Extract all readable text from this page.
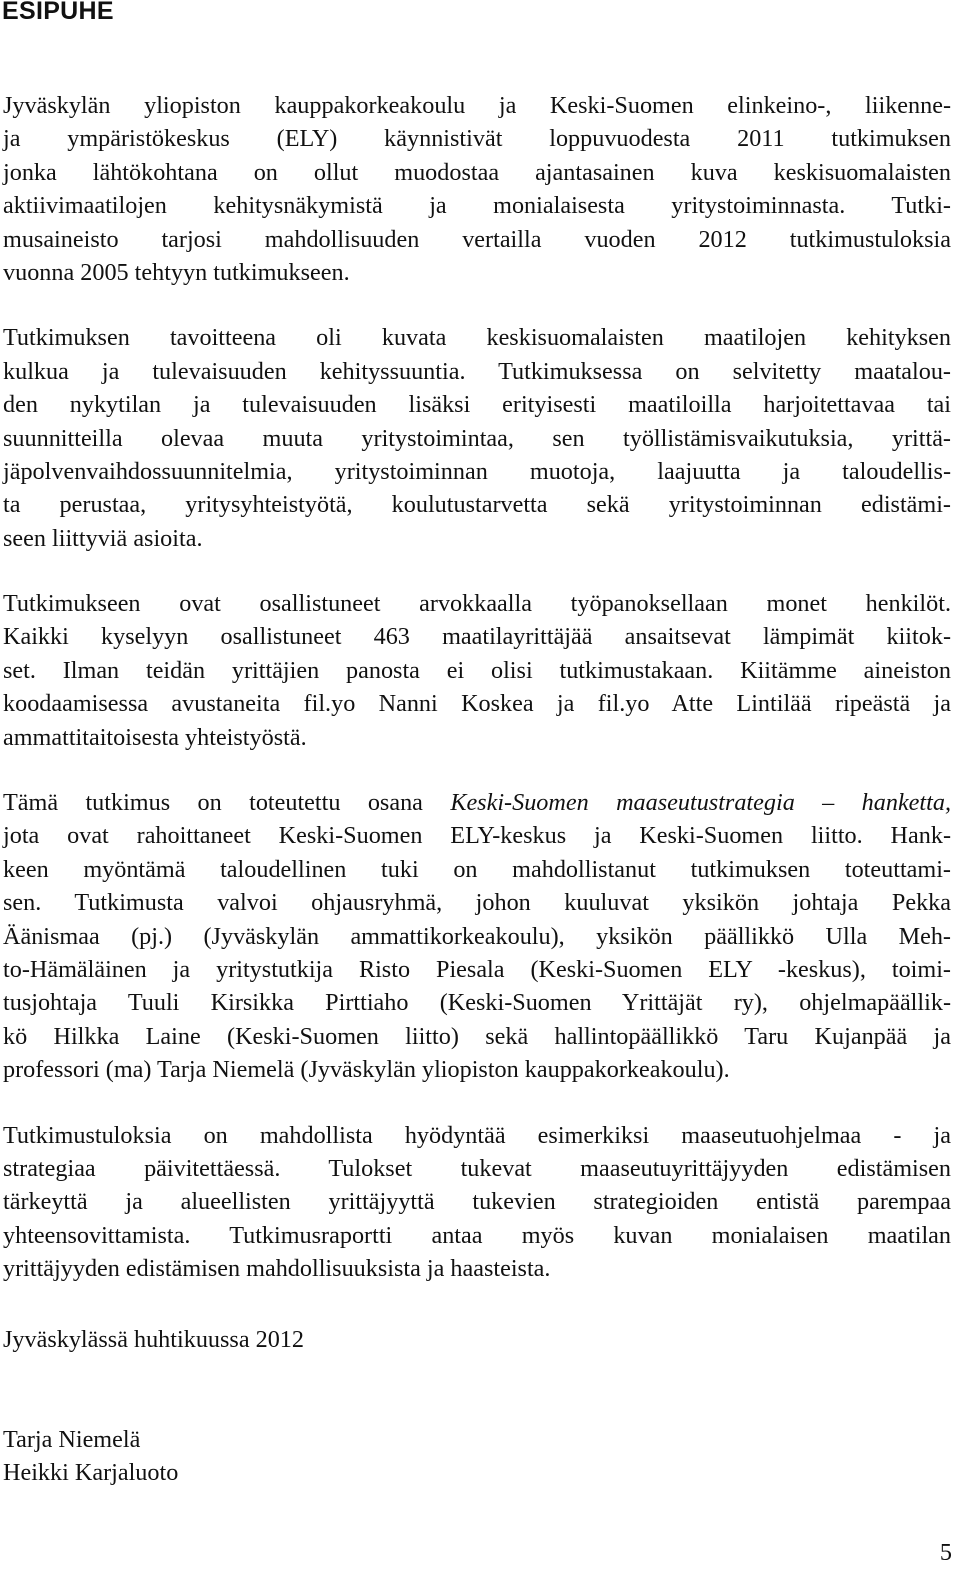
ESIPUHE

Jyväskylän yliopiston kauppakorkeakoulu ja Keski-Suomen elinkeino-, liikenne-
ja ympäristökeskus (ELY) käynnistivät loppuvuodesta 2011 tutkimuksen
jonka lähtökohtana on ollut muodostaa ajantasainen kuva keskisuomalaisten
aktiivimaatilojen kehitysnäkymistä ja monialaisesta yritystoiminnasta. Tutki-
musaineisto tarjosi mahdollisuuden vertailla vuoden 2012 tutkimustuloksia
vuonna 2005 tehtyyn tutkimukseen.

Tutkimuksen tavoitteena oli kuvata keskisuomalaisten maatilojen kehityksen
kulkua ja tulevaisuuden kehityssuuntia. Tutkimuksessa on selvitetty maatalou-
den nykytilan ja tulevaisuuden lisäksi erityisesti maatiloilla harjoitettavaa tai
suunnitteilla olevaa muuta yritystoimintaa, sen työllistämisvaikutuksia, yrittä-
jäpolvenvaihdossuunnitelmia, yritystoiminnan muotoja, laajuutta ja taloudellis-
ta perustaa, yritysyhteistyötä, koulutustarvetta sekä yritystoiminnan edistämi-
seen liittyviä asioita.

Tutkimukseen ovat osallistuneet arvokkaalla työpanoksellaan monet henkilöt.
Kaikki kyselyyn osallistuneet 463 maatilayrittäjää ansaitsevat lämpimät kiitok-
set. Ilman teidän yrittäjien panosta ei olisi tutkimustakaan. Kiitämme aineiston
koodaamisessa avustaneita fil.yo Nanni Koskea ja fil.yo Atte Lintilää ripeästä ja
ammattitaitoisesta yhteistyöstä.

Tämä tutkimus on toteutettu osana Keski-Suomen maaseutustrategia – hanketta,
jota ovat rahoittaneet Keski-Suomen ELY-keskus ja Keski-Suomen liitto. Hank-
keen myöntämä taloudellinen tuki on mahdollistanut tutkimuksen toteuttami-
sen. Tutkimusta valvoi ohjausryhmä, johon kuuluvat yksikön johtaja Pekka
Äänismaa (pj.) (Jyväskylän ammattikorkeakoulu), yksikön päällikkö Ulla Meh-
to-Hämäläinen ja yritystutkija Risto Piesala (Keski-Suomen ELY -keskus), toimi-
tusjohtaja Tuuli Kirsikka Pirttiaho (Keski-Suomen Yrittäjät ry), ohjelmapäällik-
kö Hilkka Laine (Keski-Suomen liitto) sekä hallintopäällikkö Taru Kujanpää ja
professori (ma) Tarja Niemelä (Jyväskylän yliopiston kauppakorkeakoulu).

Tutkimustuloksia on mahdollista hyödyntää esimerkiksi maaseutuohjelmaa - ja
strategiaa päivitettäessä. Tulokset tukevat maaseutuyrittäjyyden edistämisen
tärkeyttä ja alueellisten yrittäjyyttä tukevien strategioiden entistä parempaa
yhteensovittamista. Tutkimusraportti antaa myös kuvan monialaisen maatilan
yrittäjyyden edistämisen mahdollisuuksista ja haasteista.

Jyväskylässä huhtikuussa 2012

Tarja Niemelä
Heikki Karjaluoto
5
